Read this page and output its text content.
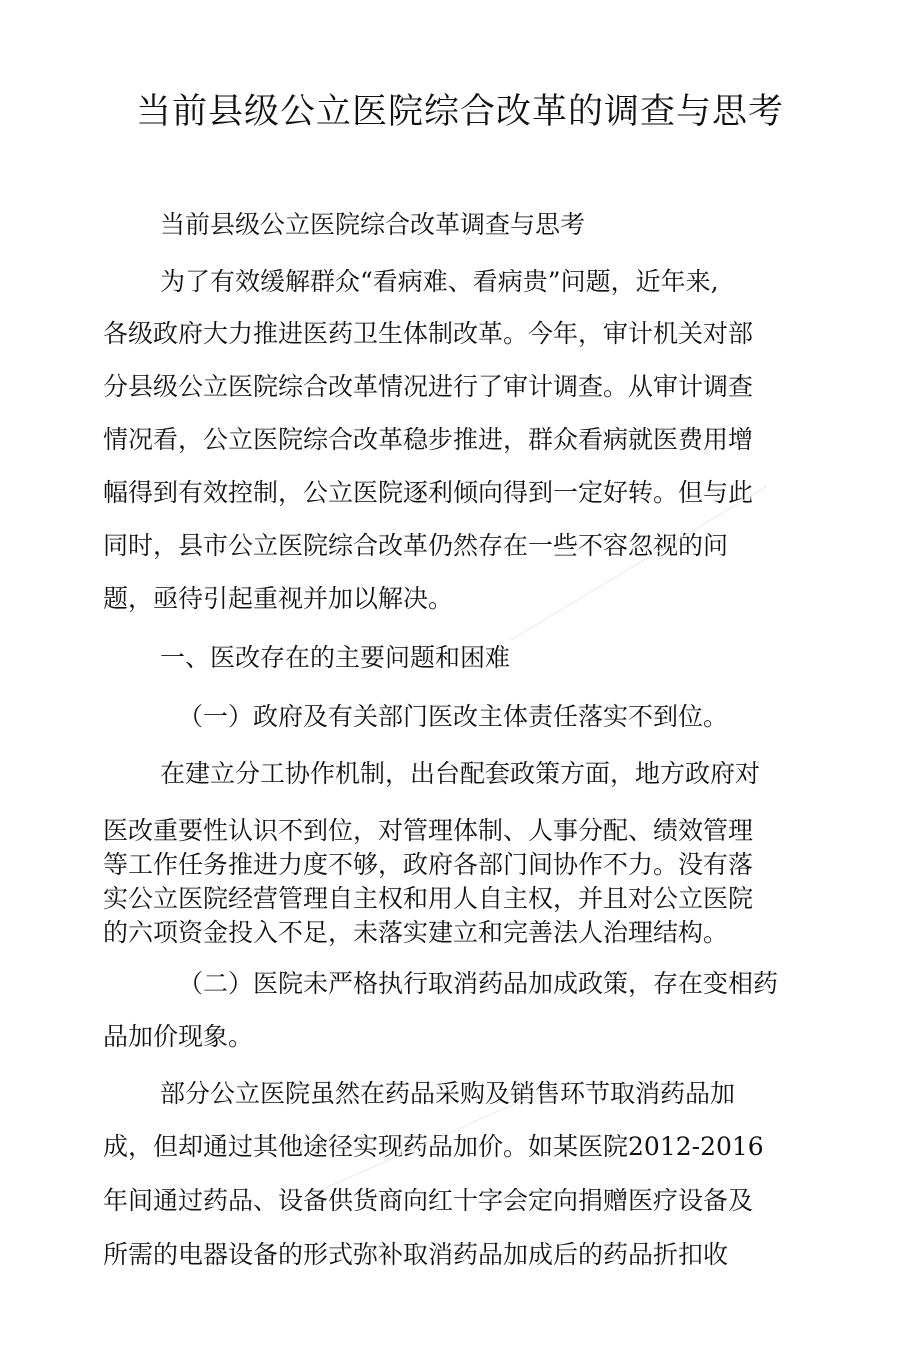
当前县级公立医院综合改革的调查与思考
当前县级公立医院综合改革调查与思考
为了有效缓解群众“看病难、看病贵”问题，近年来,
各级政府大力推进医药卫生体制改革。今年，审计机关对部
分县级公立医院综合改革情况进行了审计调查。从审计调查
情况看，公立医院综合改革稳步推进，群众看病就医费用增
幅得到有效控制，公立医院逐利倾向得到一定好转。但与此
同时，县市公立医院综合改革仍然存在一些不容忽视的问
题，亟待引起重视并加以解决。
一、医改存在的主要问题和困难
（一）政府及有关部门医改主体责任落实不到位。
在建立分工协作机制，出台配套政策方面，地方政府对
医改重要性认识不到位，对管理体制、人事分配、绩效管理
等工作任务推进力度不够，政府各部门间协作不力。没有落
实公立医院经营管理自主权和用人自主权，并且对公立医院
的六项资金投入不足，未落实建立和完善法人治理结构。
（二）医院未严格执行取消药品加成政策，存在变相药
品加价现象。
部分公立医院虽然在药品采购及销售环节取消药品加
成，但却通过其他途径实现药品加价。如某医院2012-2016
年间通过药品、设备供货商向红十字会定向捐赠医疗设备及
所需的电器设备的形式弥补取消药品加成后的药品折扣收
